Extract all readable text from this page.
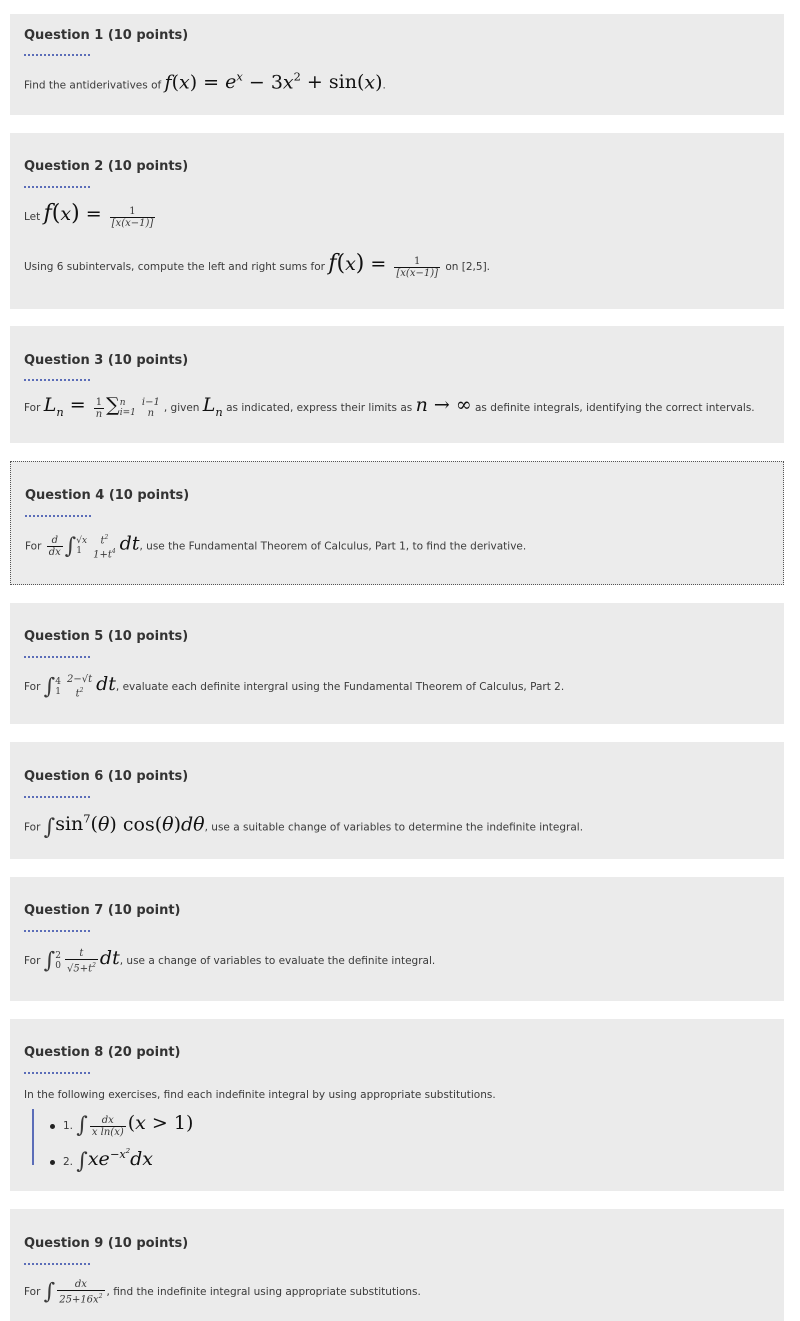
Question 1 (10 points)
Find the antiderivatives of $f(x) = e^x - 3x^2 + \sin(x)$.
Question 2 (10 points)
Let $f(x) = \frac{1}{[x(x-1)]}$
Using 6 subintervals, compute the left and right sums for $f(x) = \frac{1}{[x(x-1)]}$ on [2,5].
Question 3 (10 points)
For $L_n = \frac{1}{n}$ ∑ n
i=1
i−1
n , given $L_n$ as indicated, express their limits as n → ∞ as definite integrals, identifying the correct intervals.
Question 4 (10 points)
For $\frac{d}{dx}$ ∫ √x
1
$t^2$
$1+t^4$ dt, use the Fundamental Theorem of Calculus, Part 1, to find the derivative.
Question 5 (10 points)
For ∫ 4
1
2−√t
$t^2$ dt, evaluate each definite intergral using the Fundamental Theorem of Calculus, Part 2.
Question 6 (10 points)
For $\int\sin^7(\theta)$ cos(θ)dθ, use a suitable change of variables to determine the indefinite integral.
Question 7 (10 point)
For ∫ 2
$0 \frac{t}{√5+t^2}$ dt, use a change of variables to evaluate the definite integral.
Question 8 (20 point)
In the following exercises, find each indefinite integral by using appropriate substitutions.
1. ∫ $\frac{dx}{\text{x ln(x)}} (x > 1)$
2. $\int xe^{-x^2}dx$
Question 9 (10 points)
For ∫ $\frac{dx}{25+16x^2}$ , find the indefinite integral using appropriate substitutions.
